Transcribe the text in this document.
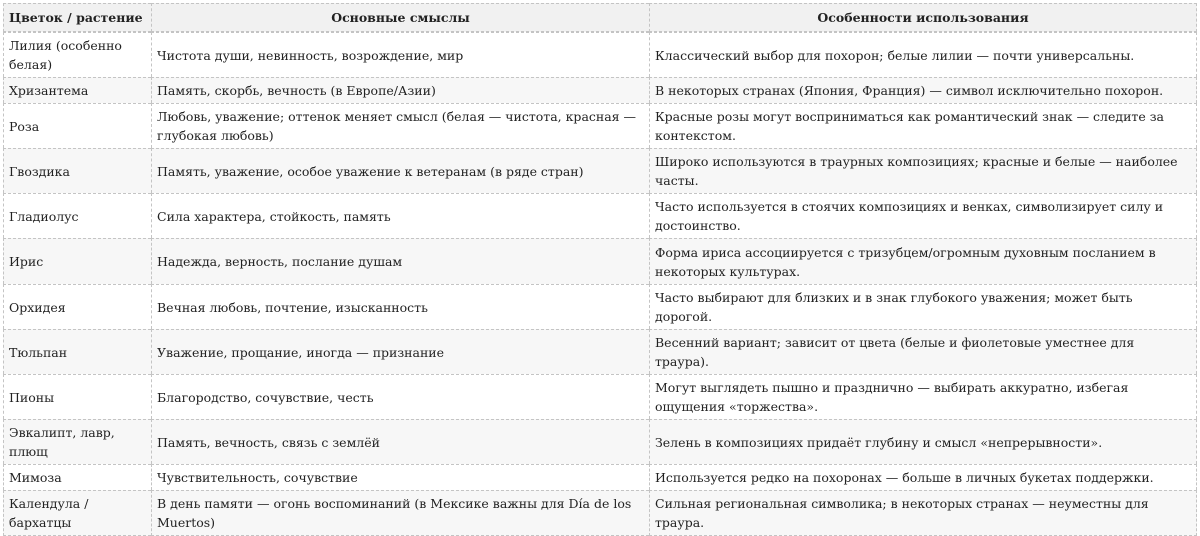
Цветок / растение	Основные смыслы	Особенности использования
Лилия (особенно белая)	Чистота души, невинность, возрождение, мир	Классический выбор для похорон; белые лилии — почти универсальны.
Хризантема	Память, скорбь, вечность (в Европе/Азии)	В некоторых странах (Япония, Франция) — символ исключительно похорон.
Роза	Любовь, уважение; оттенок меняет смысл (белая — чистота, красная — глубокая любовь)	Красные розы могут восприниматься как романтический знак — следите за контекстом.
Гвоздика	Память, уважение, особое уважение к ветеранам (в ряде стран)	Широко используются в траурных композициях; красные и белые — наиболее часты.
Гладиолус	Сила характера, стойкость, память	Часто используется в стоячих композициях и венках, символизирует силу и достоинство.
Ирис	Надежда, верность, послание душам	Форма ириса ассоциируется с тризубцем/огромным духовным посланием в некоторых культурах.
Орхидея	Вечная любовь, почтение, изысканность	Часто выбирают для близких и в знак глубокого уважения; может быть дорогой.
Тюльпан	Уважение, прощание, иногда — признание	Весенний вариант; зависит от цвета (белые и фиолетовые уместнее для траура).
Пионы	Благородство, сочувствие, честь	Могут выглядеть пышно и празднично — выбирать аккуратно, избегая ощущения «торжества».
Эвкалипт, лавр, плющ	Память, вечность, связь с землёй	Зелень в композициях придаёт глубину и смысл «непрерывности».
Мимоза	Чувствительность, сочувствие	Используется редко на похоронах — больше в личных букетах поддержки.
Календула / бархатцы	В день памяти — огонь воспоминаний (в Мексике важны для Día de los Muertos)	Сильная региональная символика; в некоторых странах — неуместны для траура.
